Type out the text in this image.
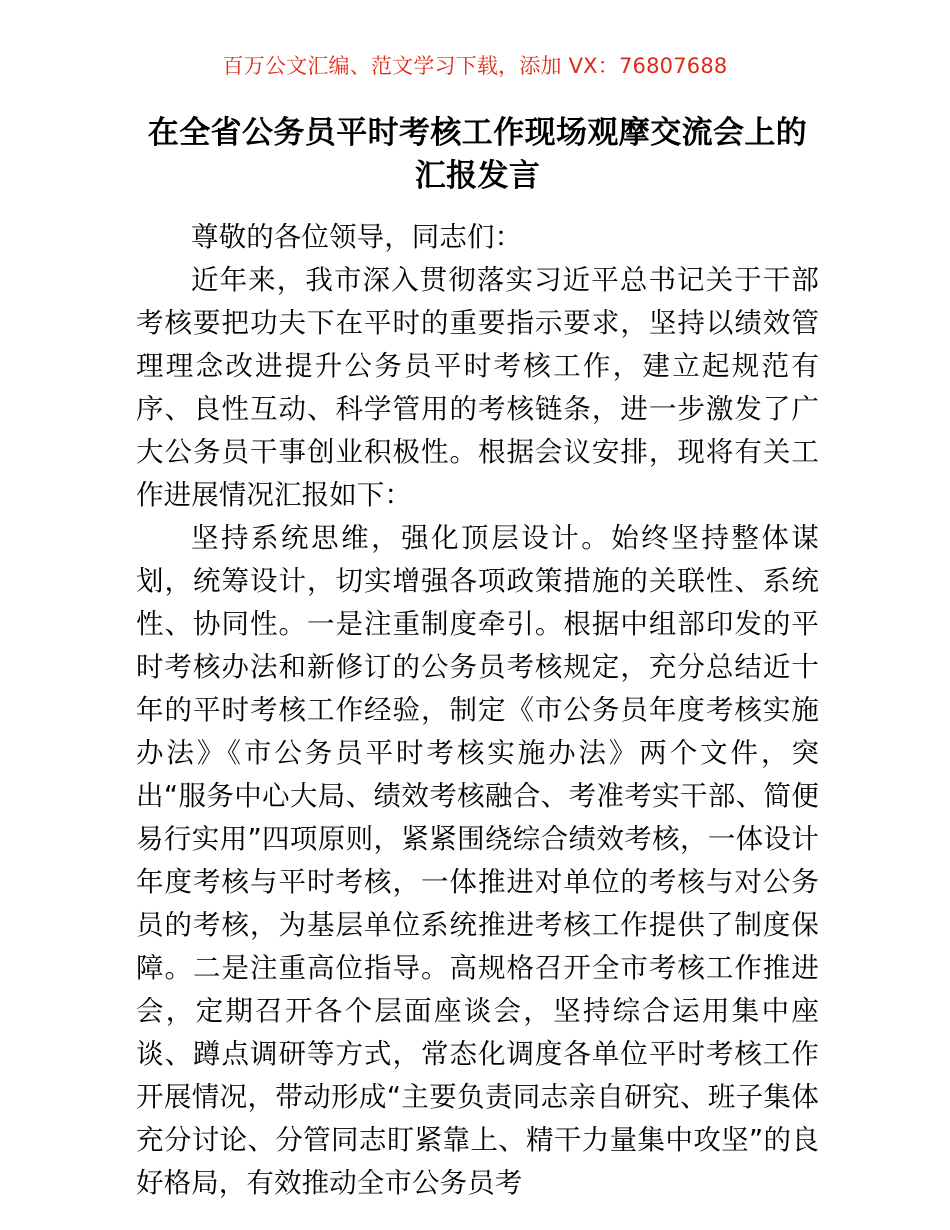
百万公文汇编、范文学习下载，添加 VX：76807688
在全省公务员平时考核工作现场观摩交流会上的汇报发言

尊敬的各位领导，同志们：

近年来，我市深入贯彻落实习近平总书记关于干部考核要把功夫下在平时的重要指示要求，坚持以绩效管理理念改进提升公务员平时考核工作，建立起规范有序、良性互动、科学管用的考核链条，进一步激发了广大公务员干事创业积极性。根据会议安排，现将有关工作进展情况汇报如下：

坚持系统思维，强化顶层设计。始终坚持整体谋划，统筹设计，切实增强各项政策措施的关联性、系统性、协同性。一是注重制度牵引。根据中组部印发的平时考核办法和新修订的公务员考核规定，充分总结近十年的平时考核工作经验，制定《市公务员年度考核实施办法》《市公务员平时考核实施办法》两个文件，突出“服务中心大局、绩效考核融合、考准考实干部、简便易行实用”四项原则，紧紧围绕综合绩效考核，一体设计年度考核与平时考核，一体推进对单位的考核与对公务员的考核，为基层单位系统推进考核工作提供了制度保障。二是注重高位指导。高规格召开全市考核工作推进会，定期召开各个层面座谈会，坚持综合运用集中座谈、蹲点调研等方式，常态化调度各单位平时考核工作开展情况，带动形成“主要负责同志亲自研究、班子集体充分讨论、分管同志盯紧靠上、精干力量集中攻坚”的良好格局，有效推动全市公务员考
